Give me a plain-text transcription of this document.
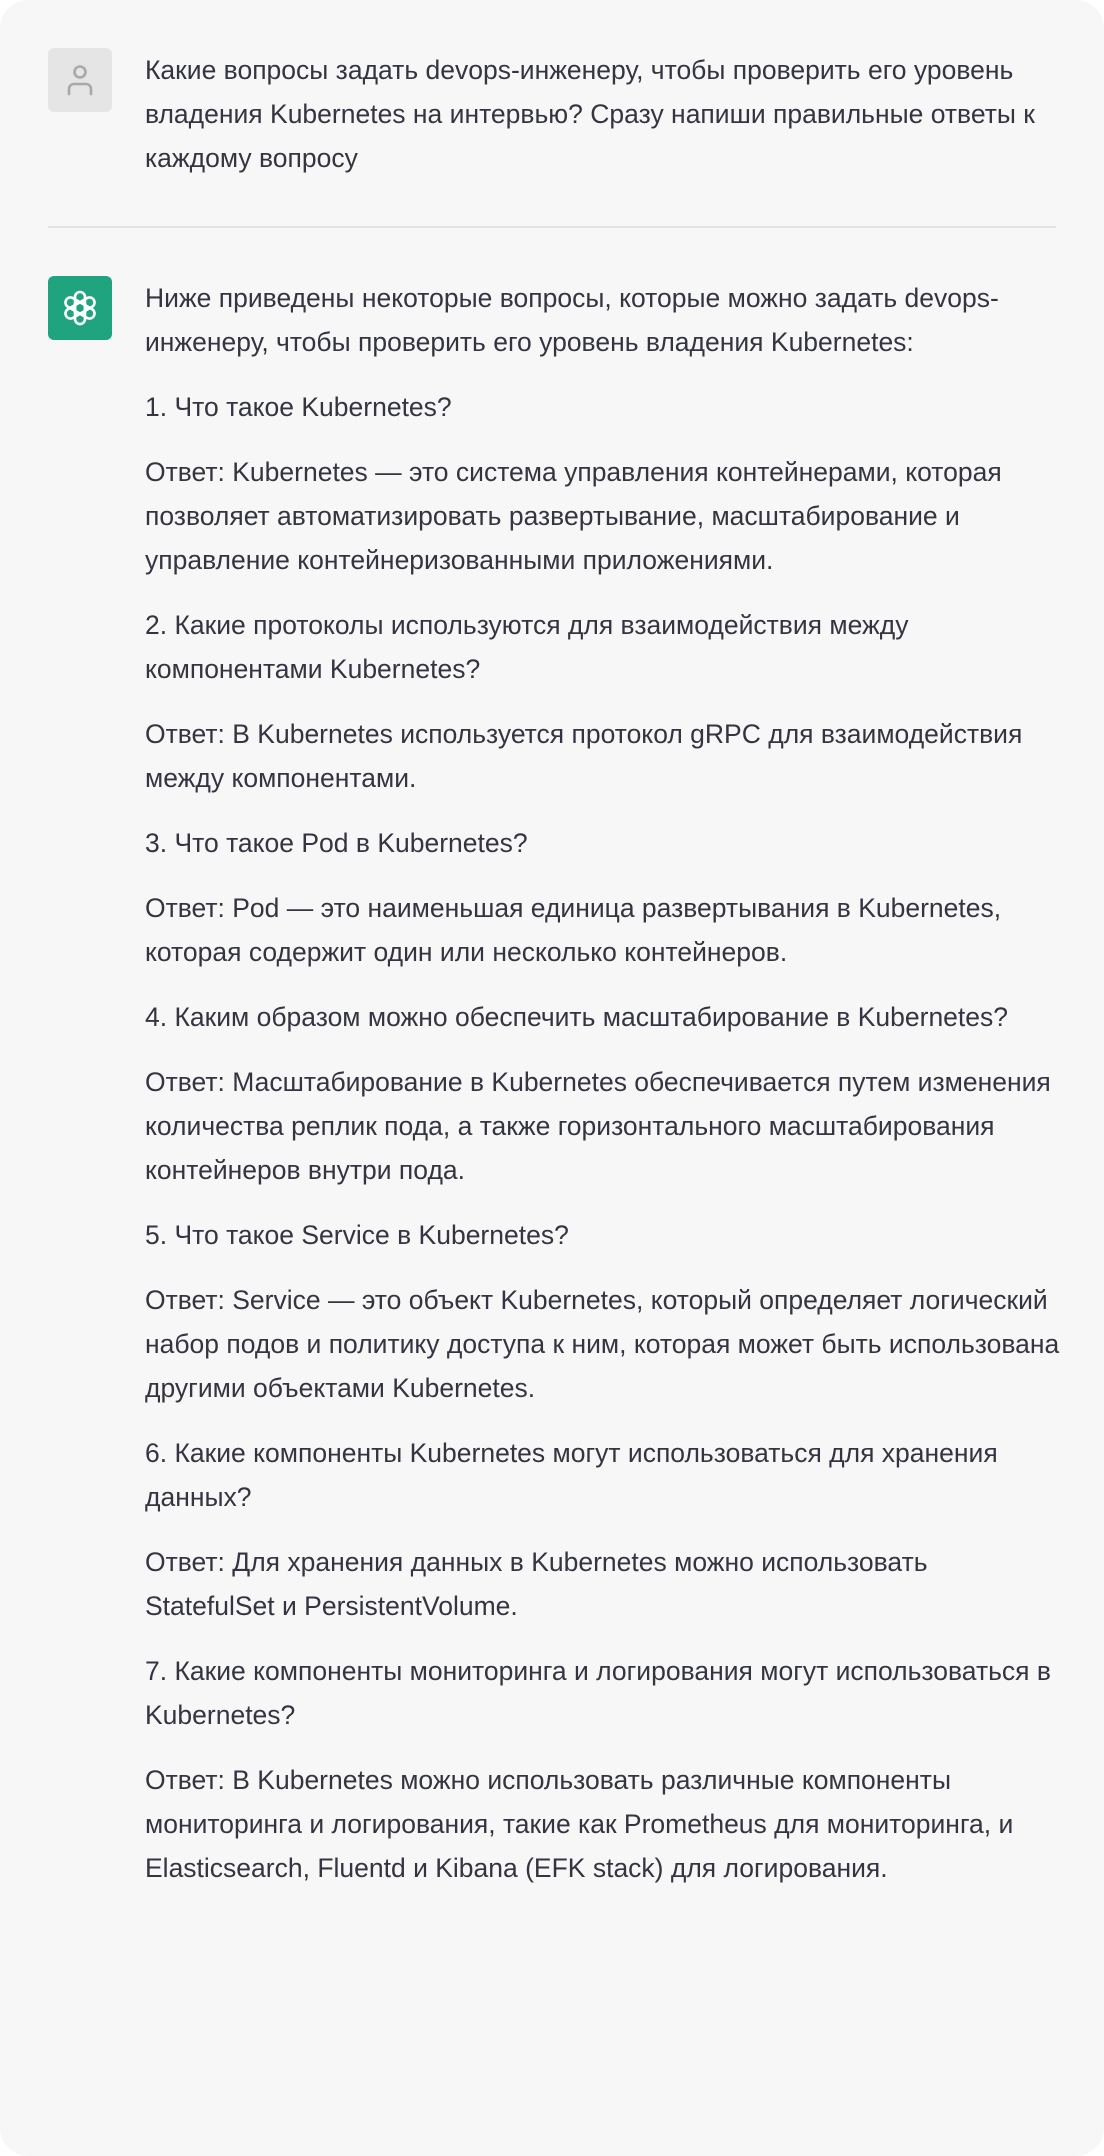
Какие вопросы задать devops-инженеру, чтобы проверить его уровень владения Kubernetes на интервью? Сразу напиши правильные ответы к каждому вопросу

Ниже приведены некоторые вопросы, которые можно задать devops-инженеру, чтобы проверить его уровень владения Kubernetes:

1. Что такое Kubernetes?

Ответ: Kubernetes — это система управления контейнерами, которая позволяет автоматизировать развертывание, масштабирование и управление контейнеризованными приложениями.

2. Какие протоколы используются для взаимодействия между компонентами Kubernetes?

Ответ: В Kubernetes используется протокол gRPC для взаимодействия между компонентами.

3. Что такое Pod в Kubernetes?

Ответ: Pod — это наименьшая единица развертывания в Kubernetes, которая содержит один или несколько контейнеров.

4. Каким образом можно обеспечить масштабирование в Kubernetes?

Ответ: Масштабирование в Kubernetes обеспечивается путем изменения количества реплик пода, а также горизонтального масштабирования контейнеров внутри пода.

5. Что такое Service в Kubernetes?

Ответ: Service — это объект Kubernetes, который определяет логический набор подов и политику доступа к ним, которая может быть использована другими объектами Kubernetes.

6. Какие компоненты Kubernetes могут использоваться для хранения данных?

Ответ: Для хранения данных в Kubernetes можно использовать StatefulSet и PersistentVolume.

7. Какие компоненты мониторинга и логирования могут использоваться в Kubernetes?

Ответ: В Kubernetes можно использовать различные компоненты мониторинга и логирования, такие как Prometheus для мониторинга, и Elasticsearch, Fluentd и Kibana (EFK stack) для логирования.
